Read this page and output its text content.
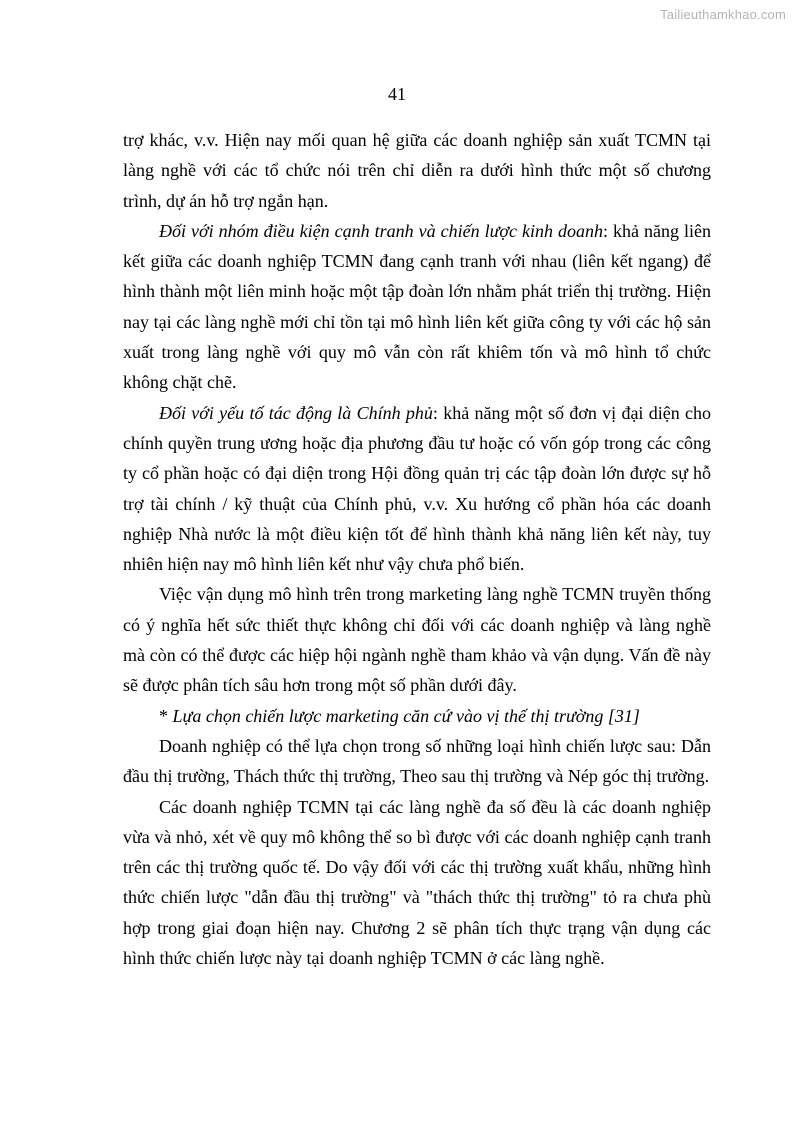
Tailieuthamkhao.com
41

trợ khác, v.v. Hiện nay mối quan hệ giữa các doanh nghiệp sản xuất TCMN tại làng nghề với các tổ chức nói trên chỉ diễn ra dưới hình thức một số chương trình, dự án hỗ trợ ngắn hạn.

Đối với nhóm điều kiện cạnh tranh và chiến lược kinh doanh: khả năng liên kết giữa các doanh nghiệp TCMN đang cạnh tranh với nhau (liên kết ngang) để hình thành một liên minh hoặc một tập đoàn lớn nhằm phát triển thị trường. Hiện nay tại các làng nghề mới chỉ tồn tại mô hình liên kết giữa công ty với các hộ sản xuất trong làng nghề với quy mô vẫn còn rất khiêm tốn và mô hình tổ chức không chặt chẽ.

Đối với yếu tố tác động là Chính phủ: khả năng một số đơn vị đại diện cho chính quyền trung ương hoặc địa phương đầu tư hoặc có vốn góp trong các công ty cổ phần hoặc có đại diện trong Hội đồng quản trị các tập đoàn lớn được sự hỗ trợ tài chính / kỹ thuật của Chính phủ, v.v. Xu hướng cổ phần hóa các doanh nghiệp Nhà nước là một điều kiện tốt để hình thành khả năng liên kết này, tuy nhiên hiện nay mô hình liên kết như vậy chưa phổ biến.

Việc vận dụng mô hình trên trong marketing làng nghề TCMN truyền thống có ý nghĩa hết sức thiết thực không chỉ đối với các doanh nghiệp và làng nghề mà còn có thể được các hiệp hội ngành nghề tham khảo và vận dụng. Vấn đề này sẽ được phân tích sâu hơn trong một số phần dưới đây.

* Lựa chọn chiến lược marketing căn cứ vào vị thế thị trường [31]

Doanh nghiệp có thể lựa chọn trong số những loại hình chiến lược sau: Dẫn đầu thị trường, Thách thức thị trường, Theo sau thị trường và Nép góc thị trường.

Các doanh nghiệp TCMN tại các làng nghề đa số đều là các doanh nghiệp vừa và nhỏ, xét về quy mô không thể so bì được với các doanh nghiệp cạnh tranh trên các thị trường quốc tế. Do vậy đối với các thị trường xuất khẩu, những hình thức chiến lược "dẫn đầu thị trường" và "thách thức thị trường" tỏ ra chưa phù hợp trong giai đoạn hiện nay. Chương 2 sẽ phân tích thực trạng vận dụng các hình thức chiến lược này tại doanh nghiệp TCMN ở các làng nghề.
